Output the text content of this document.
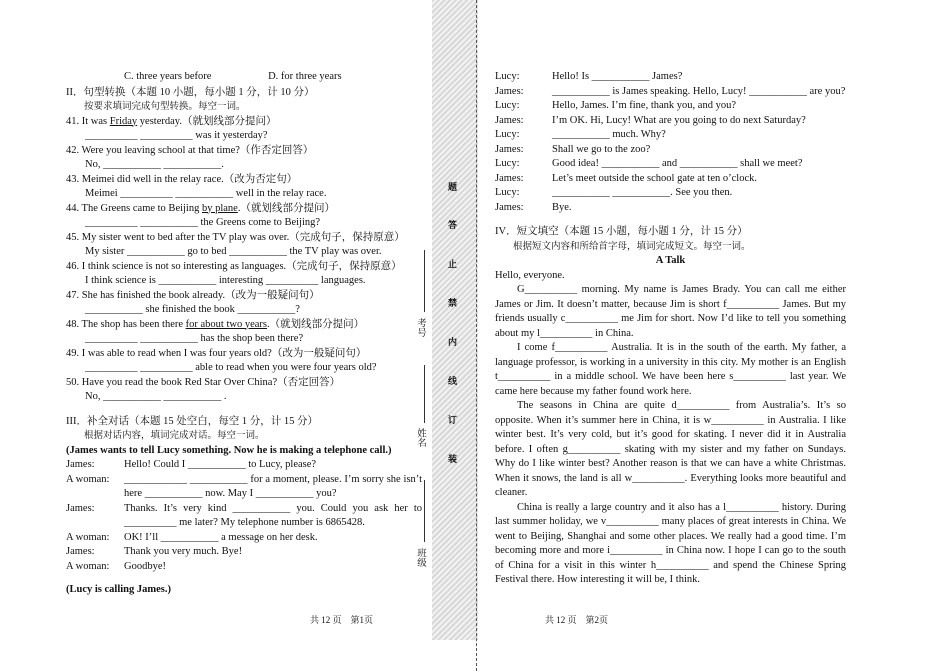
C. three years before	D. for three years
II．句型转换（本题 10 小题，每小题 1 分，计 10 分）
按要求填词完成句型转换。每空一词。
41. It was Friday yesterday.（就划线部分提问）
__________ __________ was it yesterday?
42. Were you leaving school at that time?（作否定回答）
No, ___________ ___________.
43. Meimei did well in the relay race.（改为否定句）
Meimei __________ ___________ well in the relay race.
44. The Greens came to Beijing by plane.（就划线部分提问）
__________ ___________ the Greens come to Beijing?
45. My sister went to bed after the TV play was over.（完成句子，保持原意）
My sister ___________ go to bed ___________ the TV play was over.
46. I think science is not so interesting as languages.（完成句子，保持原意）
I think science is ___________ interesting __________ languages.
47. She has finished the book already.（改为一般疑问句）
___________ she finished the book ___________?
48. The shop has been there for about two years.（就划线部分提问）
__________ ___________ has the shop been there?
49. I was able to read when I was four years old?（改为一般疑问句）
__________ __________ able to read when you were four years old?
50. Have you read the book Red Star Over China?（否定回答）
No, ___________ ___________ .
III．补全对话（本题 15 处空白，每空 1 分，计 15 分）
根据对话内容，填词完成对话。每空一词。
(James wants to tell Lucy something. Now he is making a telephone call.)
James:	Hello! Could I ___________ to Lucy, please?
A woman:	____________ ___________ for a moment, please. I’m sorry she isn’t here ___________ now. May I ___________ you?
James:	Thanks. It’s very kind ___________ you. Could you ask her to __________ me later? My telephone number is 6865428.
A woman:	OK! I’ll ___________ a message on her desk.
James:	Thank you very much. Bye!
A woman:	Goodbye!
(Lucy is calling James.)
共 12 页　第1页
题
答
止
禁
内
线
订
装
考号
姓名
班级
Lucy:	Hello! Is ___________ James?
James:	___________ is James speaking. Hello, Lucy! ___________ are you?
Lucy:	Hello, James. I’m fine, thank you, and you?
James:	I’m OK. Hi, Lucy! What are you going to do next Saturday?
Lucy:	___________ much. Why?
James:	Shall we go to the zoo?
Lucy:	Good idea! ___________ and ___________ shall we meet?
James:	Let’s meet outside the school gate at ten o’clock.
Lucy:	___________ ___________. See you then.
James:	Bye.
IV．短文填空（本题 15 小题，每小题 1 分，计 15 分）
根据短文内容和所给首字母，填词完成短文。每空一词。
A Talk
Hello, everyone.

G__________ morning. My name is James Brady. You can call me either James or Jim. It doesn’t matter, because Jim is short f__________ James. But my friends usually c__________ me Jim for short. Now I’d like to tell you something about my l__________ in China.

I come f__________ Australia. It is in the south of the earth. My father, a language professor, is working in a university in this city. My mother is an English t__________ in a middle school. We have been here s__________ last year. We came here because my father found work here.

The seasons in China are quite d__________ from Australia’s. It’s so opposite. When it’s summer here in China, it is w__________ in Australia. I like winter best. It’s very cold, but it’s good for skating. I never did it in Australia before. I often g__________ skating with my sister and my father on Sundays. Why do I like winter best? Another reason is that we can have a white Christmas. When it snows, the land is all w__________. Everything looks more beautiful and cleaner.

China is really a large country and it also has a l__________ history. During last summer holiday, we v__________ many places of great interests in China. We went to Beijing, Shanghai and some other places. We really had a good time. I’m becoming more and more i__________ in China now. I hope I can go to the south of China for a visit in this winter h__________ and spend the Chinese Spring Festival there. How interesting it will be, I think.

共 12 页　第2页
